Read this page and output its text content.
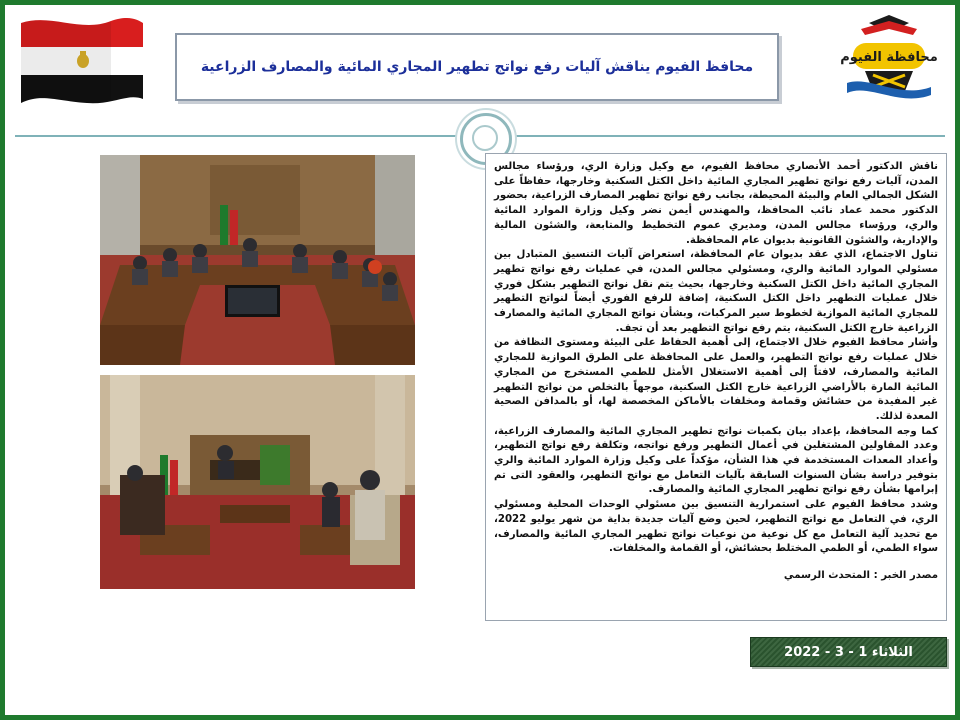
محافظة الفيوم
محافظ الفيوم يناقش آليات رفع نواتج تطهير المجاري المائية والمصارف الزراعية

ناقش الدكتور أحمد الأنصاري محافظ الفيوم، مع وكيل وزارة الري، ورؤساء مجالس المدن، آليات رفع نواتج تطهير المجاري المائية داخل الكتل السكنية وخارجها، حفاظاً على الشكل الجمالي العام والبيئة المحيطة، بجانب رفع نواتج تطهير المصارف الزراعية، بحضور الدكتور محمد عماد نائب المحافظ، والمهندس أيمن نضر وكيل وزارة الموارد المائية والري، ورؤساء مجالس المدن، ومديري عموم التخطيط والمتابعة، والشئون المالية والإدارية، والشئون القانونية بديوان عام المحافظة.

تناول الاجتماع، الذي عقد بديوان عام المحافظة، استعراض آليات التنسيق المتبادل بين مسئولي الموارد المائية والري، ومسئولي مجالس المدن، في عمليات رفع نواتج تطهير المجاري المائية داخل الكتل السكنية وخارجها، بحيث يتم نقل نواتج التطهير بشكل فوري خلال عمليات التطهير داخل الكتل السكنية، إضافة للرفع الفوري أيضاً لنواتج التطهير للمجاري المائية الموازية لخطوط سير المركبات، وبشأن نواتج المجاري المائية والمصارف الزراعية خارج الكتل السكنية، يتم رفع نواتج التطهير بعد أن تجف.

وأشار محافظ الفيوم خلال الاجتماع، إلى أهمية الحفاظ على البيئة ومستوى النظافة من خلال عمليات رفع نواتج التطهير، والعمل على المحافظة على الطرق الموازية للمجاري المائية والمصارف، لافتاً إلى أهمية الاستغلال الأمثل للطمي المستخرج من المجاري المائية المارة بالأراضي الزراعية خارج الكتل السكنية، موجهاً بالتخلص من نواتج التطهير غير المفيدة من حشائش وقمامة ومخلفات بالأماكن المخصصة لها، أو بالمدافن الصحية المعدة لذلك.

كما وجه المحافظ، بإعداد بيان بكميات نواتج تطهير المجاري المائية والمصارف الزراعية، وعدد المقاولين المشتغلين في أعمال التطهير ورفع نواتجه، وتكلفة رفع نواتج التطهير، وأعداد المعدات المستخدمة في هذا الشأن، مؤكداً على وكيل وزارة الموارد المائية والري بتوفير دراسة بشأن السنوات السابقة بآليات التعامل مع نواتج التطهير، والعقود التى تم إبرامها بشأن رفع نواتج تطهير المجاري المائية والمصارف.

وشدد محافظ الفيوم على استمرارية التنسيق بين مسئولي الوحدات المحلية ومسئولي الري، في التعامل مع نواتج التطهير، لحين وضع آليات جديدة بداية من شهر يوليو 2022، مع تحديد آلية التعامل مع كل نوعية من نوعيات نواتج تطهير المجاري المائية والمصارف، سواء الطمي، أو الطمي المختلط بحشائش، أو القمامة والمخلفات.

مصدر الخبر : المتحدث الرسمي

الثلاثاء 1 - 3 - 2022
